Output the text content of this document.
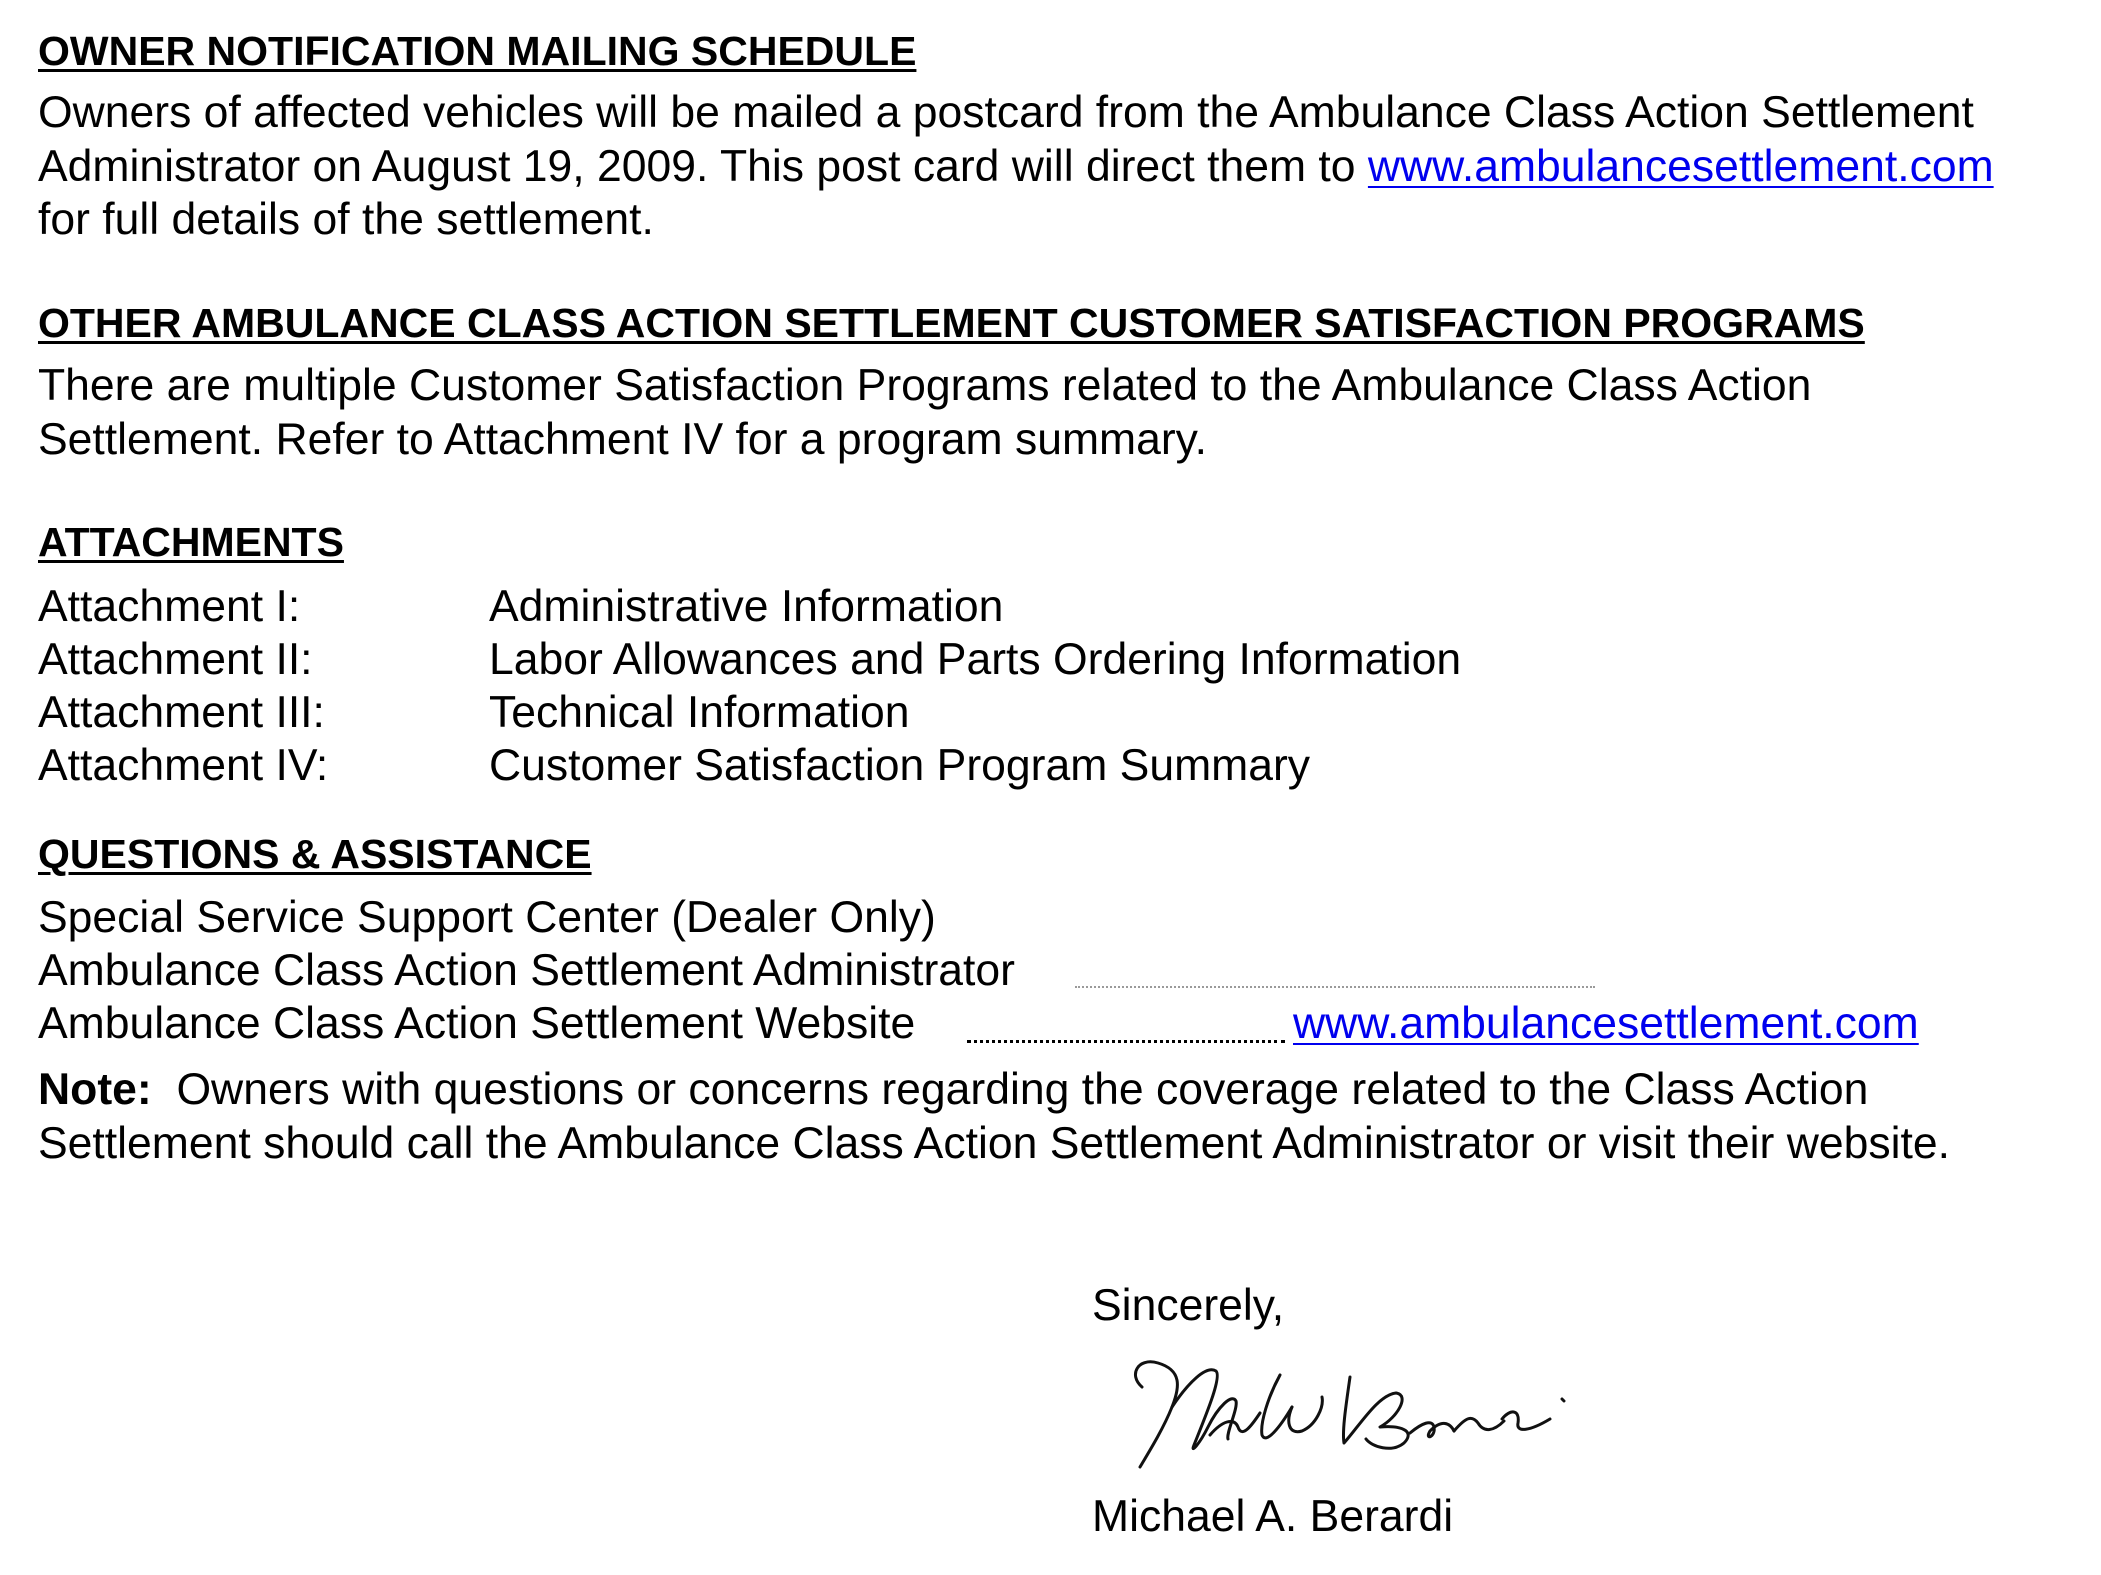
OWNER NOTIFICATION MAILING SCHEDULE
Owners of affected vehicles will be mailed a postcard from the Ambulance Class Action Settlement
Administrator on August 19, 2009. This post card will direct them to www.ambulancesettlement.com
for full details of the settlement.
OTHER AMBULANCE CLASS ACTION SETTLEMENT CUSTOMER SATISFACTION PROGRAMS
There are multiple Customer Satisfaction Programs related to the Ambulance Class Action
Settlement. Refer to Attachment IV for a program summary.
ATTACHMENTS
Attachment I:	Administrative Information
Attachment II:	Labor Allowances and Parts Ordering Information
Attachment III:	Technical Information
Attachment IV:	Customer Satisfaction Program Summary
QUESTIONS & ASSISTANCE
Special Service Support Center (Dealer Only)
Ambulance Class Action Settlement Administrator
Ambulance Class Action Settlement Website	www.ambulancesettlement.com
Note:  Owners with questions or concerns regarding the coverage related to the Class Action
Settlement should call the Ambulance Class Action Settlement Administrator or visit their website.
Sincerely,
Michael A. Berardi
